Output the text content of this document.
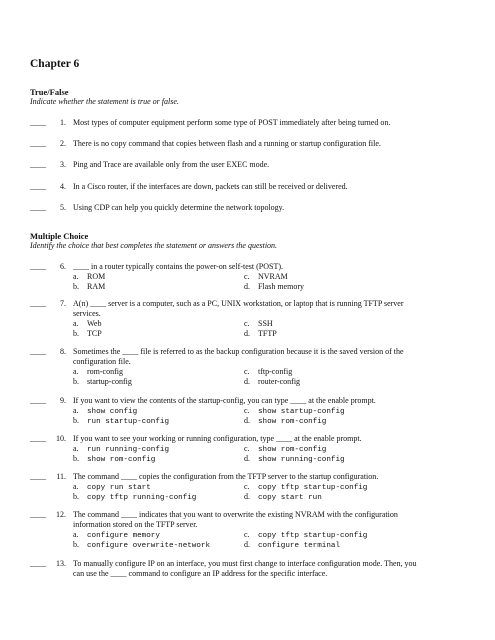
Chapter 6
True/False
Indicate whether the statement is true or false.
____	1. Most types of computer equipment perform some type of POST immediately after being turned on.
____	2. There is no copy command that copies between flash and a running or startup configuration file.
____	3. Ping and Trace are available only from the user EXEC mode.
____	4. In a Cisco router, if the interfaces are down, packets can still be received or delivered.
____	5. Using CDP can help you quickly determine the network topology.
Multiple Choice
Identify the choice that best completes the statement or answers the question.
____	6. ____ in a router typically contains the power-on self-test (POST).
a. ROM	c. NVRAM
b. RAM	d. Flash memory
____	7. A(n) ____ server is a computer, such as a PC, UNIX workstation, or laptop that is running TFTP server
services.
a. Web	c. SSH
b. TCP	d. TFTP
____	8. Sometimes the ____ file is referred to as the backup configuration because it is the saved version of the
configuration file.
a. rom-config	c. tftp-config
b. startup-config	d. router-config
____	9. If you want to view the contents of the startup-config, you can type ____ at the enable prompt.
a. show config	c. show startup-config
b. run startup-config	d. show rom-config
____	10. If you want to see your working or running configuration, type ____ at the enable prompt.
a. run running-config	c. show rom-config
b. show rom-config	d. show running-config
____	11. The command ____ copies the configuration from the TFTP server to the startup configuration.
a. copy run start	c. copy tftp startup-config
b. copy tftp running-config	d. copy start run
____	12. The command ____ indicates that you want to overwrite the existing NVRAM with the configuration
information stored on the TFTP server.
a. configure memory	c. copy tftp startup-config
b. configure overwrite-network	d. configure terminal
____	13. To manually configure IP on an interface, you must first change to interface configuration mode. Then, you
can use the ____ command to configure an IP address for the specific interface.
